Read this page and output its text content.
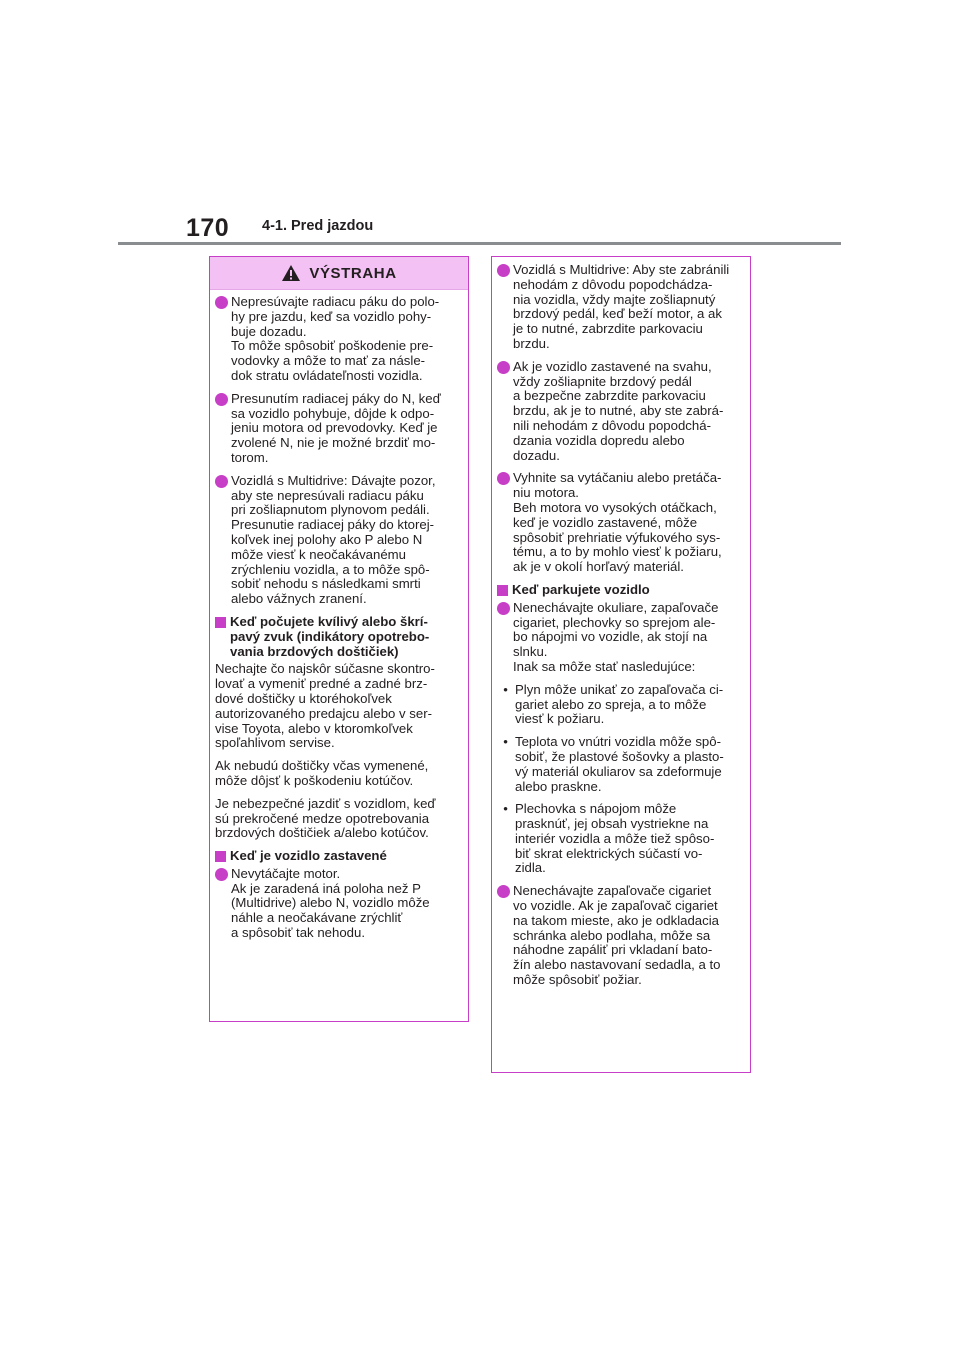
170 4-1. Pred jazdou
VÝSTRAHA
Nepresúvajte radiacu páku do polo-
hy pre jazdu, keď sa vozidlo pohy-
buje dozadu.
To môže spôsobiť poškodenie pre-
vodovky a môže to mať za násle-
dok stratu ovládateľnosti vozidla.
Presunutím radiacej páky do N, keď
sa vozidlo pohybuje, dôjde k odpo-
jeniu motora od prevodovky. Keď je
zvolené N, nie je možné brzdiť mo-
torom.
Vozidlá s Multidrive: Dávajte pozor,
aby ste nepresúvali radiacu páku
pri zošliapnutom plynovom pedáli.
Presunutie radiacej páky do ktorej-
koľvek inej polohy ako P alebo N
môže viesť k neočakávanému
zrýchleniu vozidla, a to môže spô-
sobiť nehodu s následkami smrti
alebo vážnych zranení.
Keď počujete kvílivý alebo škrí-
pavý zvuk (indikátory opotrebo-
vania brzdových doštičiek)
Nechajte čo najskôr súčasne skontro-
lovať a vymeniť predné a zadné brz-
dové doštičky u ktoréhokoľvek
autorizovaného predajcu alebo v ser-
vise Toyota, alebo v ktoromkoľvek
spoľahlivom servise.
Ak nebudú doštičky včas vymenené,
môže dôjsť k poškodeniu kotúčov.
Je nebezpečné jazdiť s vozidlom, keď
sú prekročené medze opotrebovania
brzdových doštičiek a/alebo kotúčov.
Keď je vozidlo zastavené
Nevytáčajte motor.
Ak je zaradená iná poloha než P
(Multidrive) alebo N, vozidlo môže
náhle a neočakávane zrýchliť
a spôsobiť tak nehodu.
Vozidlá s Multidrive: Aby ste zabránili
nehodám z dôvodu popodchádza-
nia vozidla, vždy majte zošliapnutý
brzdový pedál, keď beží motor, a ak
je to nutné, zabrzdite parkovaciu
brzdu.
Ak je vozidlo zastavené na svahu,
vždy zošliapnite brzdový pedál
a bezpečne zabrzdite parkovaciu
brzdu, ak je to nutné, aby ste zabrá-
nili nehodám z dôvodu popodchá-
dzania vozidla dopredu alebo
dozadu.
Vyhnite sa vytáčaniu alebo pretáča-
niu motora.
Beh motora vo vysokých otáčkach,
keď je vozidlo zastavené, môže
spôsobiť prehriatie výfukového sys-
tému, a to by mohlo viesť k požiaru,
ak je v okolí horľavý materiál.
Keď parkujete vozidlo
Nenechávajte okuliare, zapaľovače
cigariet, plechovky so sprejom ale-
bo nápojmi vo vozidle, ak stojí na
slnku.
Inak sa môže stať nasledujúce:
• Plyn môže unikať zo zapaľovača ci-
gariet alebo zo spreja, a to môže
viesť k požiaru.
• Teplota vo vnútri vozidla môže spô-
sobiť, že plastové šošovky a plasto-
vý materiál okuliarov sa zdeformuje
alebo praskne.
• Plechovka s nápojom môže
prasknúť, jej obsah vystriekne na
interiér vozidla a môže tiež spôso-
biť skrat elektrických súčastí vo-
zidla.
Nenechávajte zapaľovače cigariet
vo vozidle. Ak je zapaľovač cigariet
na takom mieste, ako je odkladacia
schránka alebo podlaha, môže sa
náhodne zapáliť pri vkladaní bato-
žín alebo nastavovaní sedadla, a to
môže spôsobiť požiar.
